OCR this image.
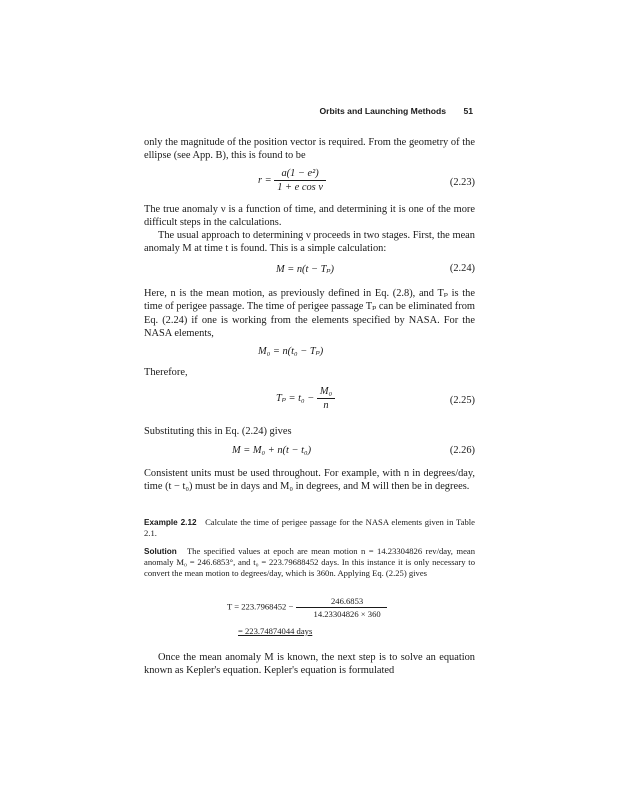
Orbits and Launching Methods 51
only the magnitude of the position vector is required. From the geometry of the ellipse (see App. B), this is found to be
$r = \frac{\text{a(1 − e²)}}{\text{1 + e cos ν}}$	(2.23)
The true anomaly ν is a function of time, and determining it is one of the more difficult steps in the calculations.
The usual approach to determining ν proceeds in two stages. First, the mean anomaly M at time t is found. This is a simple calculation:
M = n(t − Tₚ)	(2.24)
Here, n is the mean motion, as previously defined in Eq. (2.8), and Tₚ is the time of perigee passage. The time of perigee passage Tₚ can be eliminated from Eq. (2.24) if one is working from the elements specified by NASA. For the NASA elements,
M₀ = n(t₀ − Tₚ)
Therefore,
$T_p = t_0 - \frac{\text{M₀}}{n}$	(2.25)
Substituting this in Eq. (2.24) gives
M = M₀ + n(t − t₀)	(2.26)
Consistent units must be used throughout. For example, with n in degrees/day, time (t − t₀) must be in days and M₀ in degrees, and M will then be in degrees.
Example 2.12 Calculate the time of perigee passage for the NASA elements given in Table 2.1.
Solution The specified values at epoch are mean motion n = 14.23304826 rev/day, mean anomaly M₀ = 246.6853°, and t₀ = 223.79688452 days. In this instance it is only necessary to convert the mean motion to degrees/day, which is 360n. Applying Eq. (2.25) gives
$T = 223.7968452 - \frac{246.6853}{14.23304826 \times 360}$
= 223.74874044 days
Once the mean anomaly M is known, the next step is to solve an equation known as Kepler's equation. Kepler's equation is formulated
